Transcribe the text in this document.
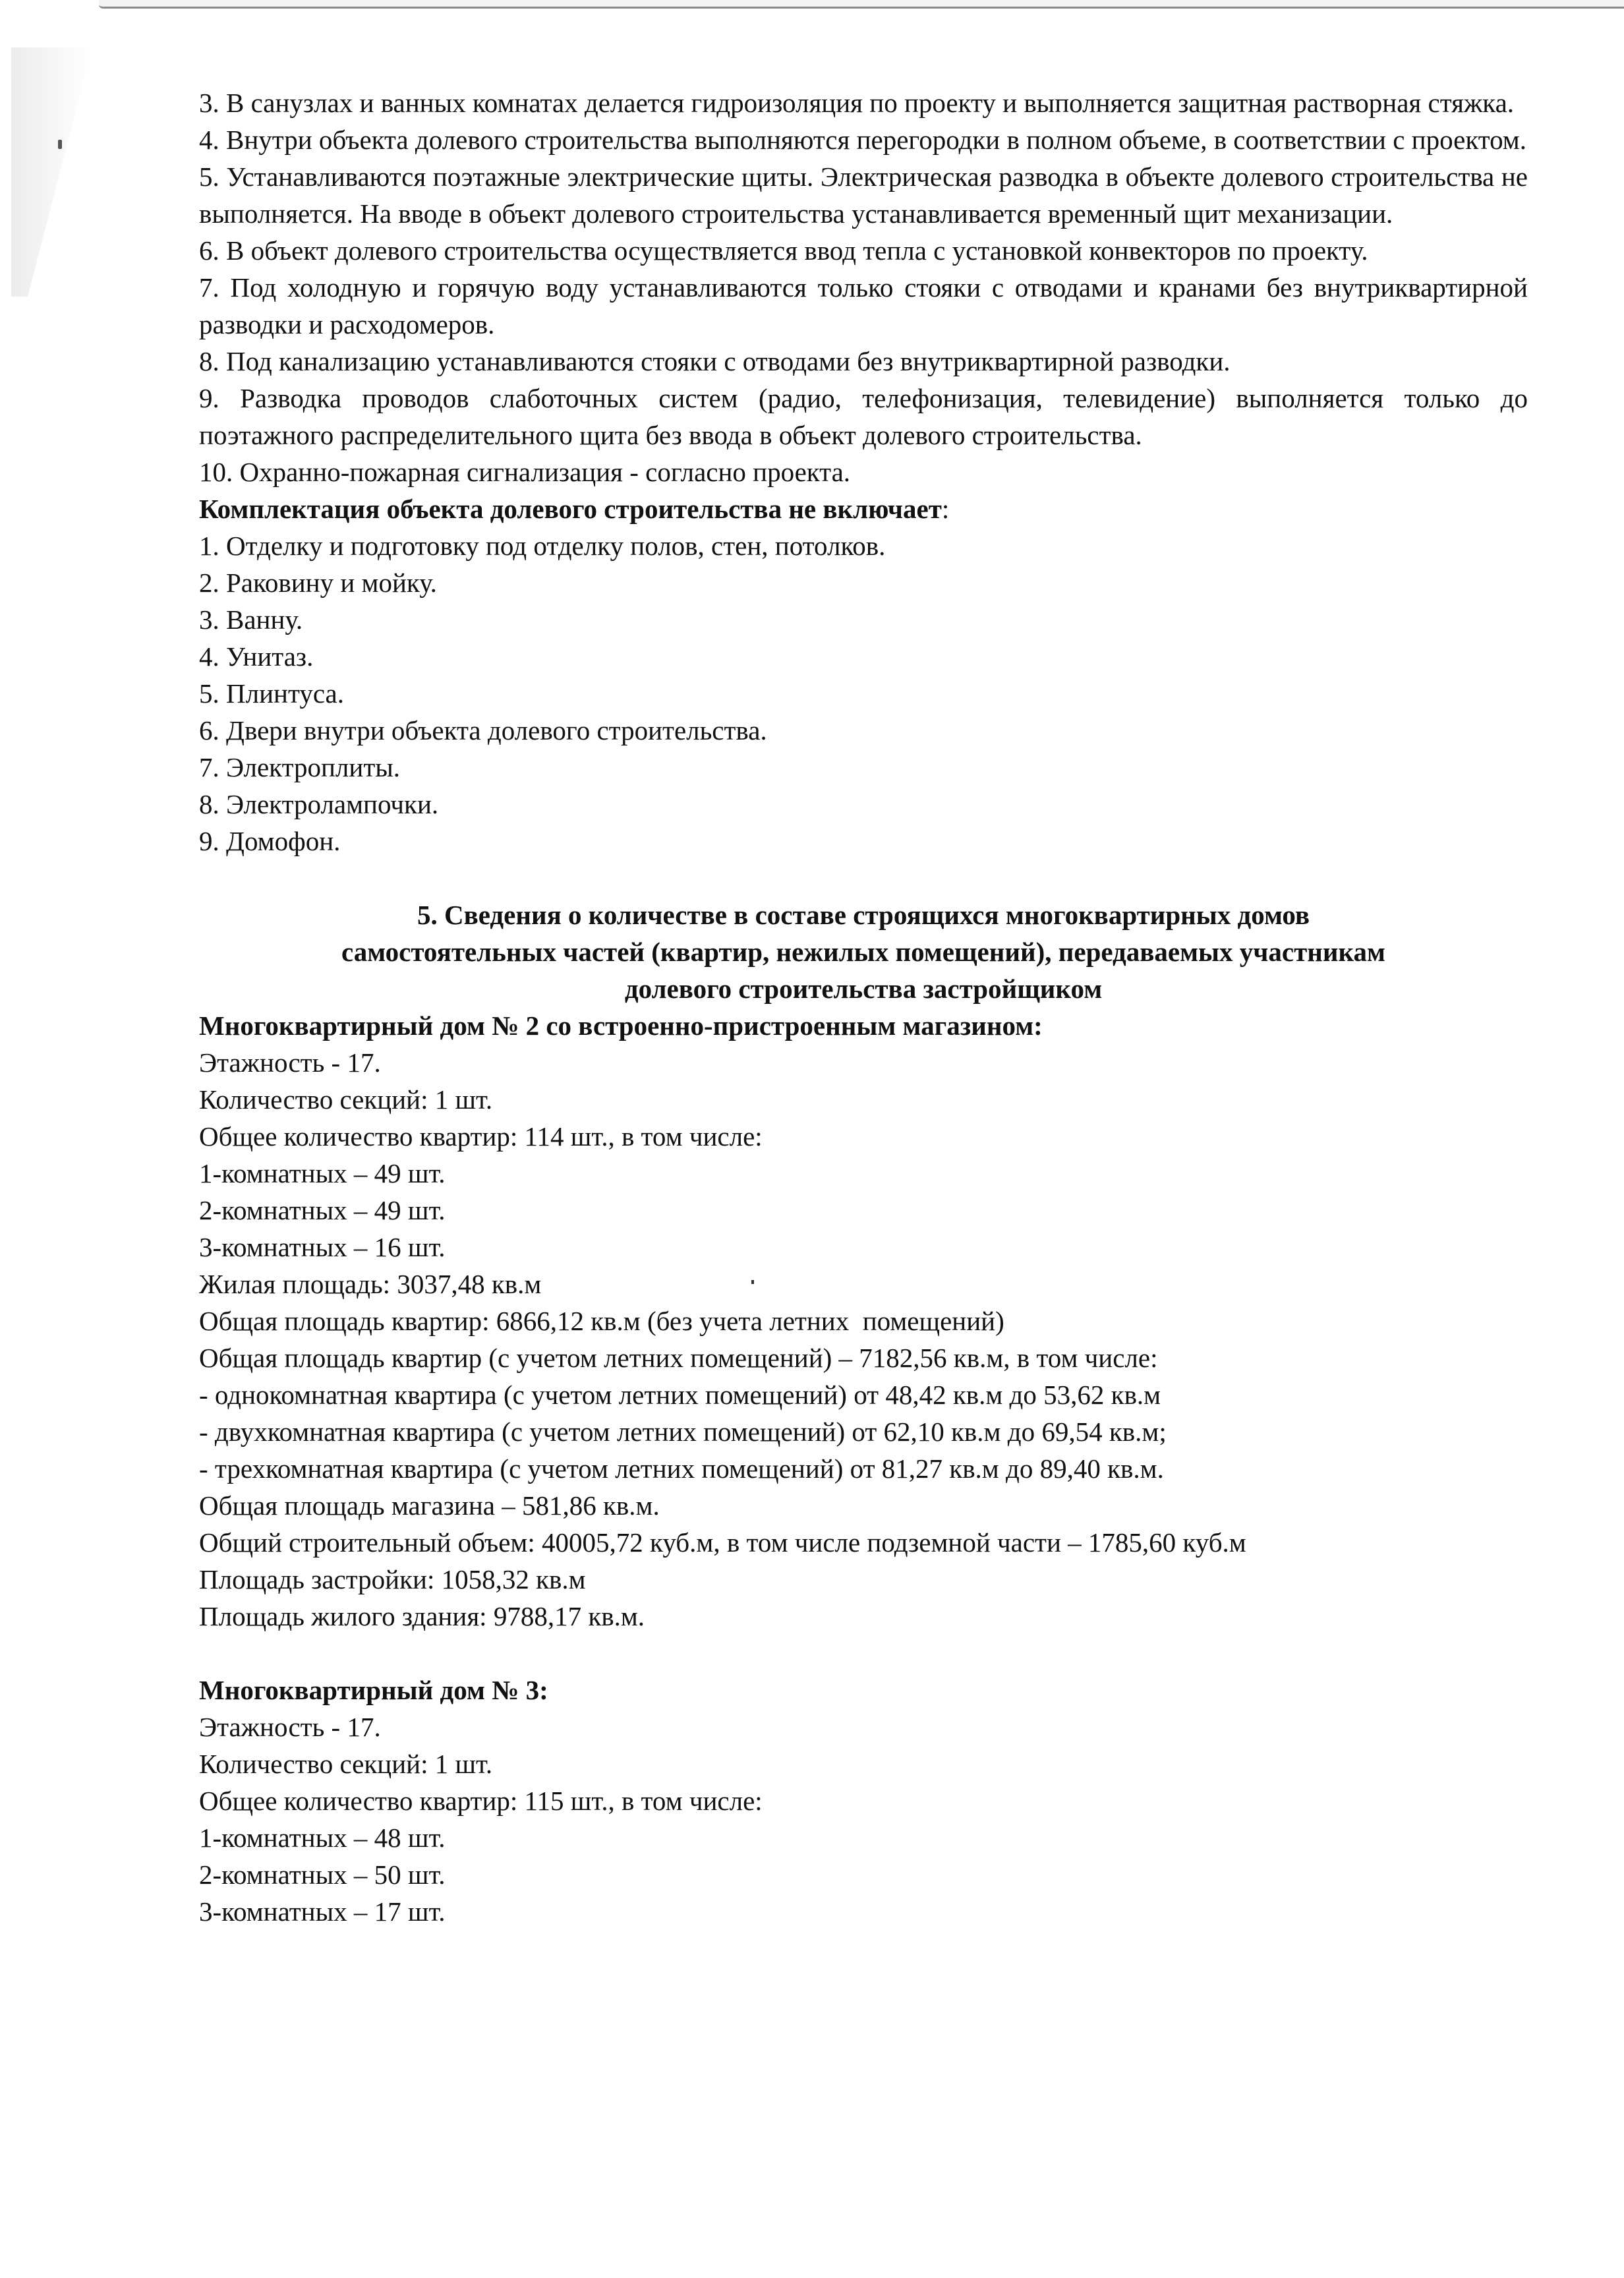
3. В санузлах и ванных комнатах делается гидроизоляция по проекту и выполняется защитная растворная стяжка.

4. Внутри объекта долевого строительства выполняются перегородки в полном объеме, в соответствии с проектом.

5. Устанавливаются поэтажные электрические щиты. Электрическая разводка в объекте долевого строительства не выполняется. На вводе в объект долевого строительства устанавливается временный щит механизации.

6. В объект долевого строительства осуществляется ввод тепла с установкой конвекторов по проекту.

7. Под холодную и горячую воду устанавливаются только стояки с отводами и кранами без внутриквартирной разводки и расходомеров.

8. Под канализацию устанавливаются стояки с отводами без внутриквартирной разводки.

9. Разводка проводов слаботочных систем (радио, телефонизация, телевидение) выполняется только до поэтажного распределительного щита без ввода в объект долевого строительства.

10. Охранно-пожарная сигнализация - согласно проекта.

Комплектация объекта долевого строительства не включает:

1. Отделку и подготовку под отделку полов, стен, потолков.

2. Раковину и мойку.

3. Ванну.

4. Унитаз.

5. Плинтуса.

6. Двери внутри объекта долевого строительства.

7. Электроплиты.

8. Электролампочки.

9. Домофон.

5. Сведения о количестве в составе строящихся многоквартирных домов

самостоятельных частей (квартир, нежилых помещений), передаваемых участникам

долевого строительства застройщиком

Многоквартирный дом № 2 со встроенно-пристроенным магазином:

Этажность - 17.

Количество секций: 1 шт.

Общее количество квартир: 114 шт., в том числе:

1-комнатных – 49 шт.

2-комнатных – 49 шт.

3-комнатных – 16 шт.

Жилая площадь: 3037,48 кв.м

Общая площадь квартир: 6866,12 кв.м (без учета летних  помещений)

Общая площадь квартир (с учетом летних помещений) – 7182,56 кв.м, в том числе:

- однокомнатная квартира (с учетом летних помещений) от 48,42 кв.м до 53,62 кв.м

- двухкомнатная квартира (с учетом летних помещений) от 62,10 кв.м до 69,54 кв.м;

- трехкомнатная квартира (с учетом летних помещений) от 81,27 кв.м до 89,40 кв.м.

Общая площадь магазина – 581,86 кв.м.

Общий строительный объем: 40005,72 куб.м, в том числе подземной части – 1785,60 куб.м

Площадь застройки: 1058,32 кв.м

Площадь жилого здания: 9788,17 кв.м.

Многоквартирный дом № 3:

Этажность - 17.

Количество секций: 1 шт.

Общее количество квартир: 115 шт., в том числе:

1-комнатных – 48 шт.

2-комнатных – 50 шт.

3-комнатных – 17 шт.
